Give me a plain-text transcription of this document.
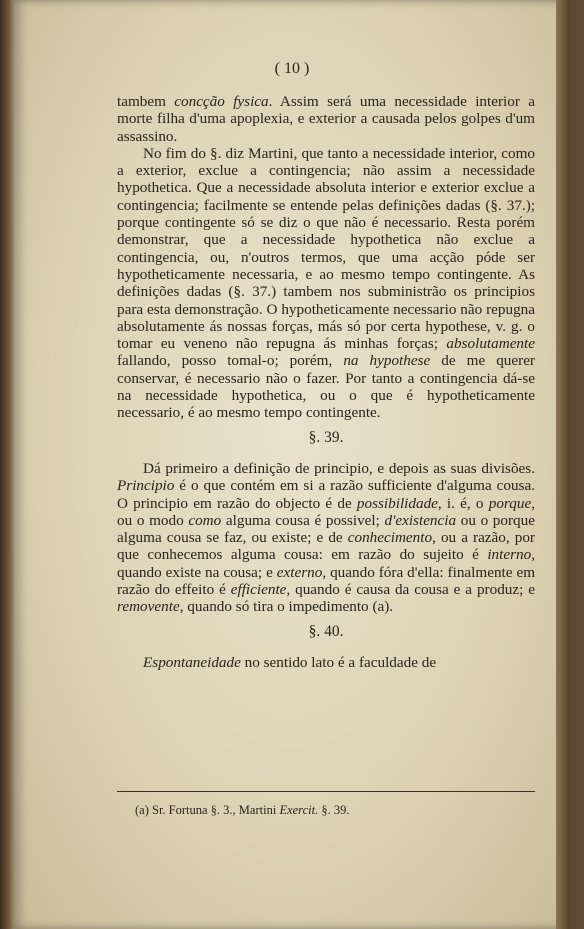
( 10 )

tambem concção fysica. Assim será uma necessidade interior a morte filha d'uma apoplexia, e exterior a causada pelos golpes d'um assassino.

No fim do §. diz Martini, que tanto a necessidade interior, como a exterior, exclue a contingencia; não assim a necessidade hypothetica. Que a necessidade absoluta interior e exterior exclue a contingencia; facilmente se entende pelas definições dadas (§. 37.); porque contingente só se diz o que não é necessario. Resta porém demonstrar, que a necessidade hypothetica não exclue a contingencia, ou, n'outros termos, que uma acção póde ser hypotheticamente necessaria, e ao mesmo tempo contingente. As definições dadas (§. 37.) tambem nos subministrão os principios para esta demonstração. O hypotheticamente necessario não repugna absolutamente ás nossas forças, más só por certa hypothese, v. g. o tomar eu veneno não repugna ás minhas forças; absolutamente fallando, posso tomal-o; porém, na hypothese de me querer conservar, é necessario não o fazer. Por tanto a contingencia dá-se na necessidade hypothetica, ou o que é hypotheticamente necessario, é ao mesmo tempo contingente.

§. 39.

Dá primeiro a definição de principio, e depois as suas divisões. Principio é o que contém em si a razão sufficiente d'alguma cousa. O principio em razão do objecto é de possibilidade, i. é, o porque, ou o modo como alguma cousa é possivel; d'existencia ou o porque alguma cousa se faz, ou existe; e de conhecimento, ou a razão, por que conhecemos alguma cousa: em razão do sujeito é interno, quando existe na cousa; e externo, quando fóra d'ella: finalmente em razão do effeito é efficiente, quando é causa da cousa e a produz; e removente, quando só tira o impedimento (a).

§. 40.

Espontaneidade no sentido lato é a faculdade de

(a) Sr. Fortuna §. 3., Martini Exercit. §. 39.
